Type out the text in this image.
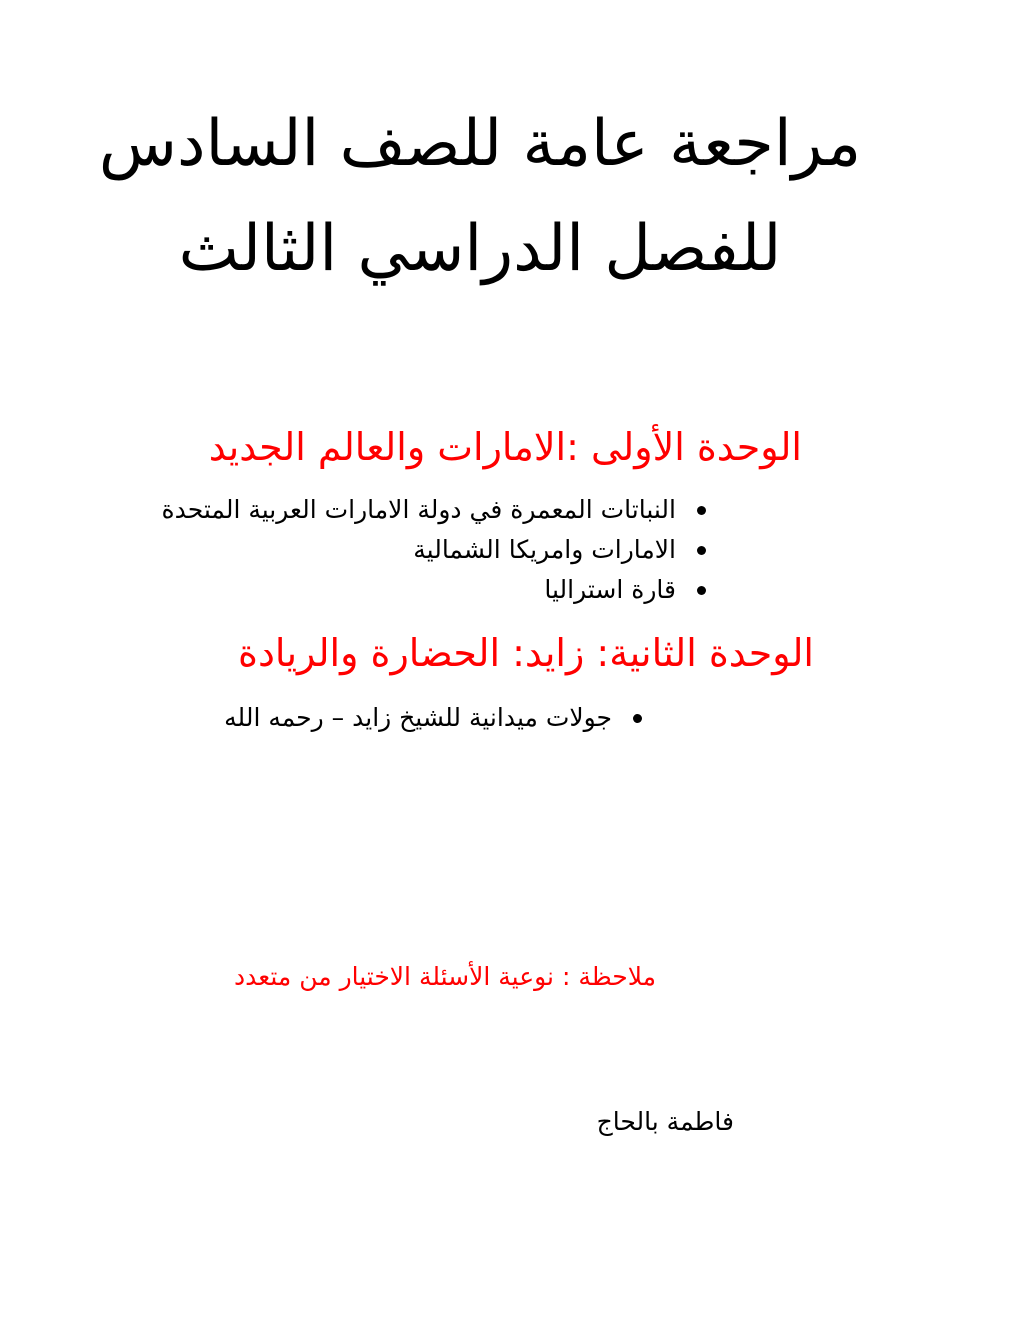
مراجعة عامة للصف السادس للفصل الدراسي الثالث
الوحدة الأولى :الامارات والعالم الجديد
النباتات المعمرة في دولة الامارات العربية المتحدة
الامارات وامريكا الشمالية
قارة استراليا
الوحدة الثانية: زايد: الحضارة والريادة
جولات ميدانية للشيخ زايد – رحمه الله
ملاحظة : نوعية الأسئلة الاختيار من متعدد
فاطمة بالحاج
